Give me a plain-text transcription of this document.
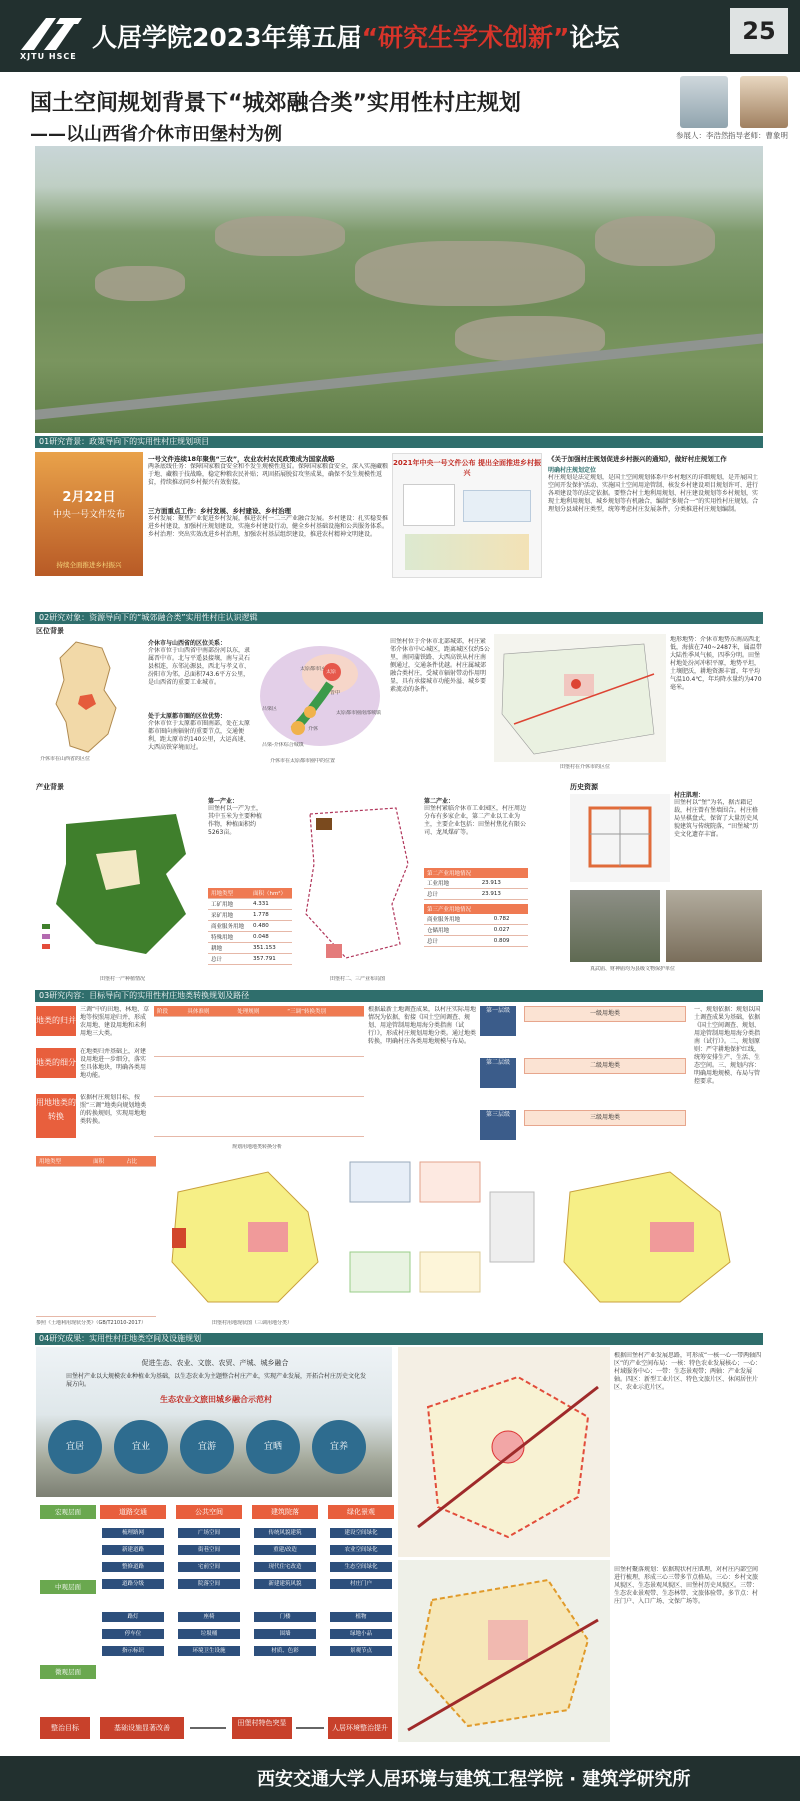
XJTU HSCE
人居学院2023年第五届“研究生学术创新”论坛	25
国土空间规划背景下“城郊融合类”实用性村庄规划
——以山西省介休市田堡村为例	参展人：李浩然 指导老师：曹象明
01研究背景：政策导向下的实用性村庄规划项目
2月22日
中央一号文件发布
持续全面推进乡村振兴
一号文件连续18年聚焦“三农”，农业农村农民政策成为国家战略
两条底线任务：保障国家粮食安全和不发生规模性返贫。保障国家粮食安全，深入实施藏粮于地、藏粮于技战略，稳定种粮农民补贴；巩固拓展脱贫攻坚成果，确保不发生规模性返贫，持续推动同乡村振兴有效衔接。
三方面重点工作：乡村发展、乡村建设、乡村治理
乡村发展：聚焦产业促进乡村发展，推进农村一二三产业融合发展。乡村建设：扎实稳妥推进乡村建设，加强村庄规划建设，实施乡村建设行动，健全乡村基础设施和公共服务体系。乡村治理：突出实效改进乡村治理，加强农村基层组织建设，推进农村精神文明建设。
2021年中央一号文件公布 提出全面推进乡村振兴
《关于加强村庄规划促进乡村振兴的通知》，做好村庄规划工作
明确村庄规划定位
村庄规划是法定规划，是国土空间规划体系中乡村地区的详细规划，是开展国土空间开发保护活动、实施国土空间用途管制、核发乡村建设项目规划许可、进行各项建设等的法定依据。要整合村土地利用规划、村庄建设规划等乡村规划，实现土地利用规划、城乡规划等有机融合，编制“多规合一”的实用性村庄规划。合理划分县域村庄类型，统筹考虑村庄发展条件，分类推进村庄规划编制。
02研究对象：资源导向下的“城郊融合类”实用性村庄认识逻辑
区位背景
介休市在山西省的区位
介休市与山西省的区位关系：
介休市位于山西省中南部汾河以东，隶属晋中市。北与平遥县接壤，南与灵石县相连，东邻沁源县，西北与孝义市、汾阳市为邻，总面积743.6平方公里，是山西省的重要工业城市。
处于太原都市圈的区位优势：
介休市位于太原都市圈南部，处在太原都市圈向南辐射的重要节点，交通便利，距太原市约140公里，大运高速、大西高铁穿境而过。
太原都市区 太原
晋中
介休
吕梁区
吕梁-介休综合城镇
太原都市圈南部城镇
介休市在太原都市圈中的位置
田堡村位于介休市北部城郊，村庄紧邻介休市中心城区，距离城区仅约5公里，南同蒲铁路、大西高铁从村庄南侧通过，交通条件优越。村庄属城郊融合类村庄，受城市辐射带动作用明显，具有承接城市功能外溢、城乡要素流动的条件。
田堡村在介休市的区位
地形地势：介休市地势东南高西北低，海拔在740~2487米，属温带大陆性季风气候，四季分明。田堡村地处汾河冲积平原，地势平坦，土壤肥沃，耕地资源丰富，年平均气温10.4℃，年均降水量约为470毫米。
产业背景
第一产业：
田堡村以一产为主，其中玉米为主要种植作物，种植面积约5263亩。
用地类型	面积（hm²）
工矿用地	4.331
采矿用地	1.778
商业服务用地	0.480
特殊用地	0.048
耕地	351.153
总计	357.791
田堡村一产种植情况	田堡村二、三产业布局图
第二产业：
田堡村紧临介休市工业园区，村庄周边分布有多家企业，第二产业以工业为主，主要企业包括：田堡村焦化有限公司、龙凤煤矿等。
第二产业用地情况
工业用地	23.913
总计	23.913
第三产业用地情况
商业服务用地	0.782
仓储用地	0.027
总计	0.809
历史资源
村庄肌理：
田堡村以“堡”为名，据古籍记载，村庄曾有堡墙围合。村庄格局呈棋盘式，保留了大量历史风貌建筑与传统院落，“田堡城”历史文化遗存丰富。
真武庙、财神庙均为县级文物保护单位
03研究内容：目标导向下的实用性村庄地类转换规划及路径
地类的归并
地类的细分
用地地类的转换
三调“中的田地、林地、草地等按照用途归并，形成农用地、建设用地和未利用地三大类。
在地类归并基础上，对建设用地进一步细分，落实至具体地块，明确各类用地功能。
依据村庄规划目标，按照“三调”地类向规划地类的转换规则，实现用地地类转换。
阶段	具体准则	处理规则	“三调”转换类别

规划用地地类转换分析
根据最新土地调查成果，以村庄实际用地情况为依据，衔接《国土空间调查、规划、用途管制用地用海分类指南（试行）》，形成村庄规划用地分类。通过地类转换，明确村庄各类用地规模与布局。
第一层级
第二层级
第三层级
一级用地类
二级用地类
三级用地类
一、规划依据：规划以国土调查成果为基础，依据《国土空间调查、规划、用途管制用地用海分类指南（试行）》。二、规划原则：严守耕地保护红线，统筹安排生产、生活、生态空间。三、规划内容：明确用地规模、布局与管控要求。
用地类型	面积	占比

参照《土地利用现状分类》（GB/T21010-2017）	田堡村用地现状图（三调用地分类）
04研究成果：实用性村庄地类空间及设施规划
促进生态、农业、文旅、农贸、产城、城乡融合
田堡村产业以大规模农业种植业为基础，以生态农业为主题整合村庄产业，实现产业发展，开拓合村庄历史文化发展方向。
生态农业文旅田城乡融合示范村
宜居	宜业	宜游	宜晒	宜养
宏观层面
中观层面
微观层面
道路交通	公共空间	建筑院落	绿化景观
梳理路网
新建道路
整修道路
道路分级
路灯
停车位
指示标识
广场空间
街巷空间
宅前空间
院落空间
座椅
垃圾桶
环境卫生设施
传统风貌建筑
重建/改造
现代住宅改造
新建建筑风貌
门楼
围墙
材质、色彩
建设空间绿化
农业空间绿化
生态空间绿化
村庄门户
植物
绿地小品
景观节点
整治目标	基础设施显著改善
田堡村特色突显
人居环境整治提升
根据田堡村产业发展思路，可形成“一核一心一带两轴四区”的产业空间布局：一核：特色农业发展核心；一心：村域服务中心；一带：生态景观带；两轴：产业发展轴。四区：新型工业片区、特色文旅片区、休闲居住片区、农业示范片区。
田堡村聚落规划：依据现状村庄肌理，对村庄内部空间进行梳理，形成三心三带多节点格局。三心：乡村文旅风貌区、生态景观风貌区、田堡村历史风貌区。三带：生态农业景观带、生态林带、文旅体验带。多节点：村庄门户、入口广场、文保广场等。
西安交通大学人居环境与建筑工程学院 · 建筑学研究所
